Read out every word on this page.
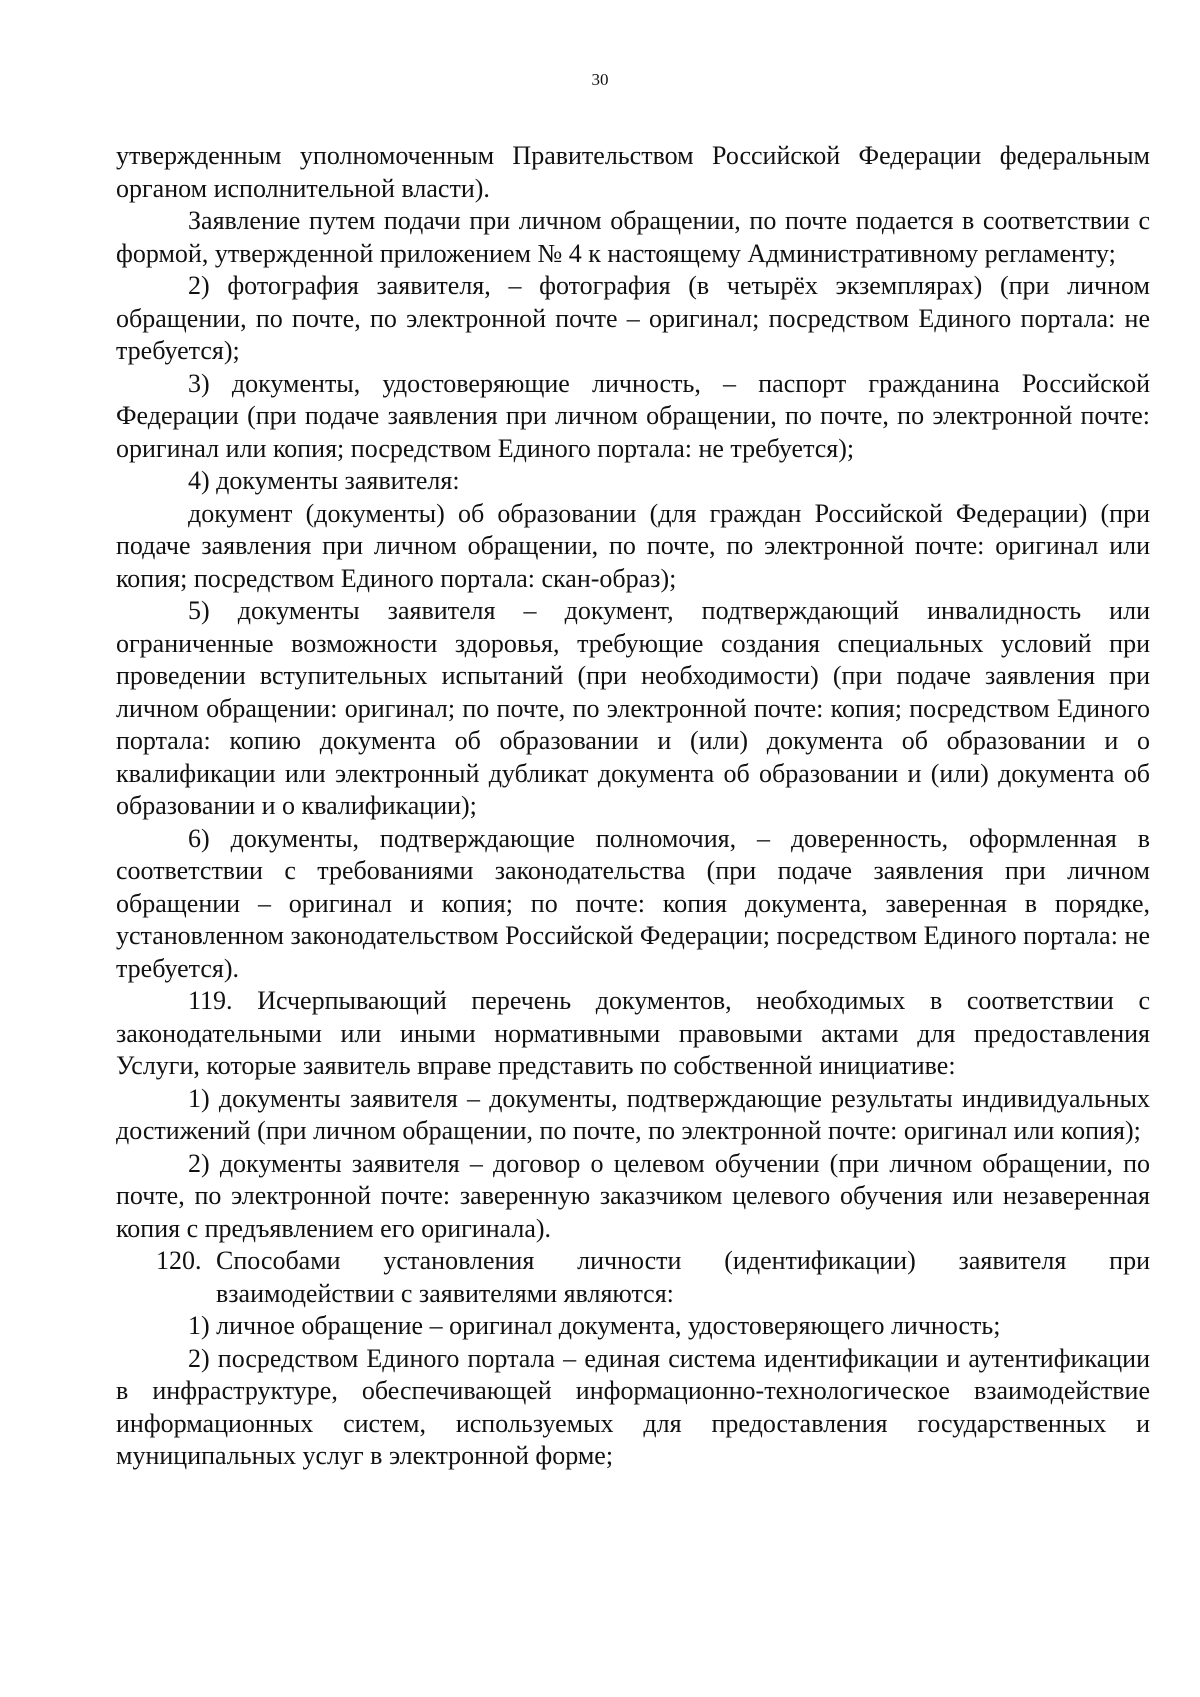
30

утвержденным уполномоченным Правительством Российской Федерации федеральным органом исполнительной власти).

Заявление путем подачи при личном обращении, по почте подается в соответствии с формой, утвержденной приложением № 4 к настоящему Административному регламенту;

2) фотография заявителя, – фотография (в четырёх экземплярах) (при личном обращении, по почте, по электронной почте – оригинал; посредством Единого портала: не требуется);

3) документы, удостоверяющие личность, – паспорт гражданина Российской Федерации (при подаче заявления при личном обращении, по почте, по электронной почте: оригинал или копия; посредством Единого портала: не требуется);

4) документы заявителя:

документ (документы) об образовании (для граждан Российской Федерации) (при подаче заявления при личном обращении, по почте, по электронной почте: оригинал или копия; посредством Единого портала: скан-образ);

5) документы заявителя – документ, подтверждающий инвалидность или ограниченные возможности здоровья, требующие создания специальных условий при проведении вступительных испытаний (при необходимости) (при подаче заявления при личном обращении: оригинал; по почте, по электронной почте: копия; посредством Единого портала: копию документа об образовании и (или) документа об образовании и о квалификации или электронный дубликат документа об образовании и (или) документа об образовании и о квалификации);

6) документы, подтверждающие полномочия, – доверенность, оформленная в соответствии с требованиями законодательства (при подаче заявления при личном обращении – оригинал и копия; по почте: копия документа, заверенная в порядке, установленном законодательством Российской Федерации; посредством Единого портала: не требуется).

119. Исчерпывающий перечень документов, необходимых в соответствии с законодательными или иными нормативными правовыми актами для предоставления Услуги, которые заявитель вправе представить по собственной инициативе:

1) документы заявителя – документы, подтверждающие результаты индивидуальных достижений (при личном обращении, по почте, по электронной почте: оригинал или копия);

2) документы заявителя – договор о целевом обучении (при личном обращении, по почте, по электронной почте: заверенную заказчиком целевого обучения или незаверенная копия с предъявлением его оригинала).

120. Способами установления личности (идентификации) заявителя при взаимодействии с заявителями являются:

1) личное обращение – оригинал документа, удостоверяющего личность;

2) посредством Единого портала – единая система идентификации и аутентификации в инфраструктуре, обеспечивающей информационно-технологическое взаимодействие информационных систем, используемых для предоставления государственных и муниципальных услуг в электронной форме;
